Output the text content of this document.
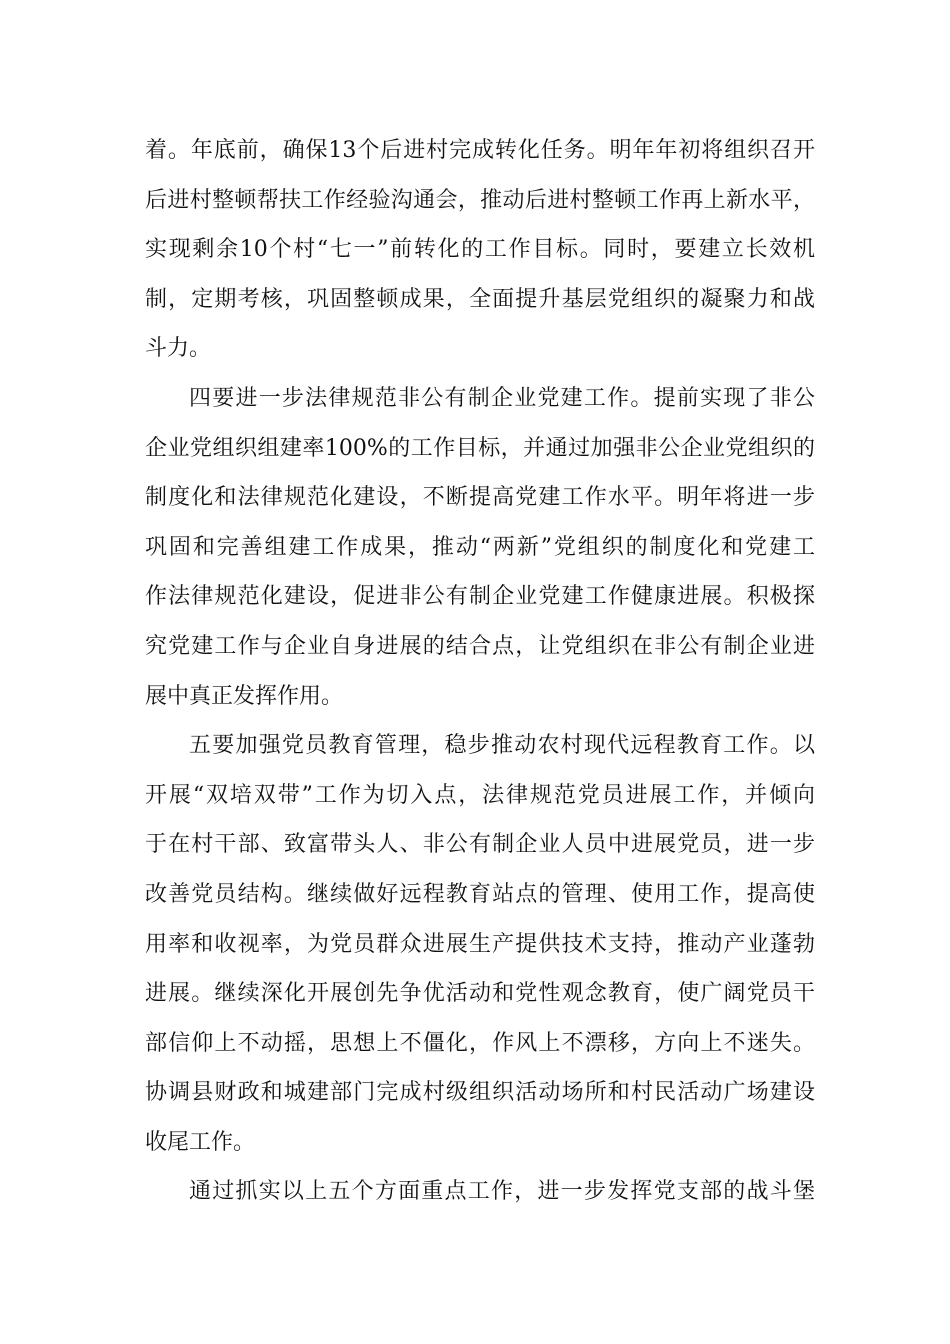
着。年底前，确保13个后进村完成转化任务。明年年初将组织召开
后进村整顿帮扶工作经验沟通会，推动后进村整顿工作再上新水平，
实现剩余10个村“七一”前转化的工作目标。同时，要建立长效机
制，定期考核，巩固整顿成果，全面提升基层党组织的凝聚力和战
斗力。
四要进一步法律规范非公有制企业党建工作。提前实现了非公
企业党组织组建率100%的工作目标，并通过加强非公企业党组织的
制度化和法律规范化建设，不断提高党建工作水平。明年将进一步
巩固和完善组建工作成果，推动“两新”党组织的制度化和党建工
作法律规范化建设，促进非公有制企业党建工作健康进展。积极探
究党建工作与企业自身进展的结合点，让党组织在非公有制企业进
展中真正发挥作用。
五要加强党员教育管理，稳步推动农村现代远程教育工作。以
开展“双培双带”工作为切入点，法律规范党员进展工作，并倾向
于在村干部、致富带头人、非公有制企业人员中进展党员，进一步
改善党员结构。继续做好远程教育站点的管理、使用工作，提高使
用率和收视率，为党员群众进展生产提供技术支持，推动产业蓬勃
进展。继续深化开展创先争优活动和党性观念教育，使广阔党员干
部信仰上不动摇，思想上不僵化，作风上不漂移，方向上不迷失。
协调县财政和城建部门完成村级组织活动场所和村民活动广场建设
收尾工作。
通过抓实以上五个方面重点工作，进一步发挥党支部的战斗堡
